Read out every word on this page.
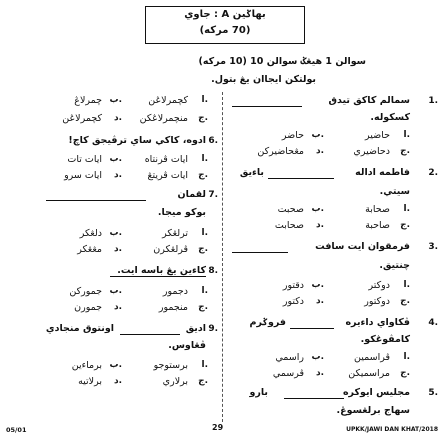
بهاݢين A : جاوي
(70 مركه)
سوالن 1 هيڠݢ سوالن 10 (10 مركه)
بولتکن ايجاان يڠ بتول.
1.
سمالم کاکق تيدق
کسکوله.
ا.
حاضير
ب.
حاضر
ج.
دحاضيري
د.
مڠحاضيرکن
2.
فاطمه اداله
باءيق
سيتي.
ا.
صحابة
ب.
صحبت
ج.
صاحبة
د.
صحابت
3.
فرمقوان ايت سافت
چنتيق.
ا.
دوکتر
ب.
دقتور
ج.
دوکتور
د.
دکتور
4.
ڤکاواي داءيره
فروݢرم
کامڤوڠکو.
ا.
ڤراسمين
ب.
راسمي
ج.
مراسميکن
د.
ڤرسمي
5.
مجليس ايوکره
بارو
سهاج برلڠسوڠ.
ا.
کچمرلاڠن
ب.
چمرلاڠ
ج.
منچمرلاڠکن
د.
کچمرلاڠن
6.
ادوه، کاکي ساي ترڤيجق کاچ!
ا.
ايات ڤرنتاه
ب.
ايات تات
ج.
ايات ڤريتڠ
د.
ايات سرو
7.
لقمان
بوکو ميجا.
ا.
ترلڠکر
ب.
دلڠکر
ج.
ڤرلڠکرن
د.
مڠڠکر
8.
کاءين يڠ باسه ايت.
ا.
دجمور
ب.
جمورکن
ج.
منجمور
د.
جمورن
9.
اديق
اونتوق منجادي
ڤڠاوس.
ا.
برستوجو
ب.
برماءين
ج.
برلاري
د.
برلاتيه
05/01	29	UPKK/JAWI DAN KHAT/2018
